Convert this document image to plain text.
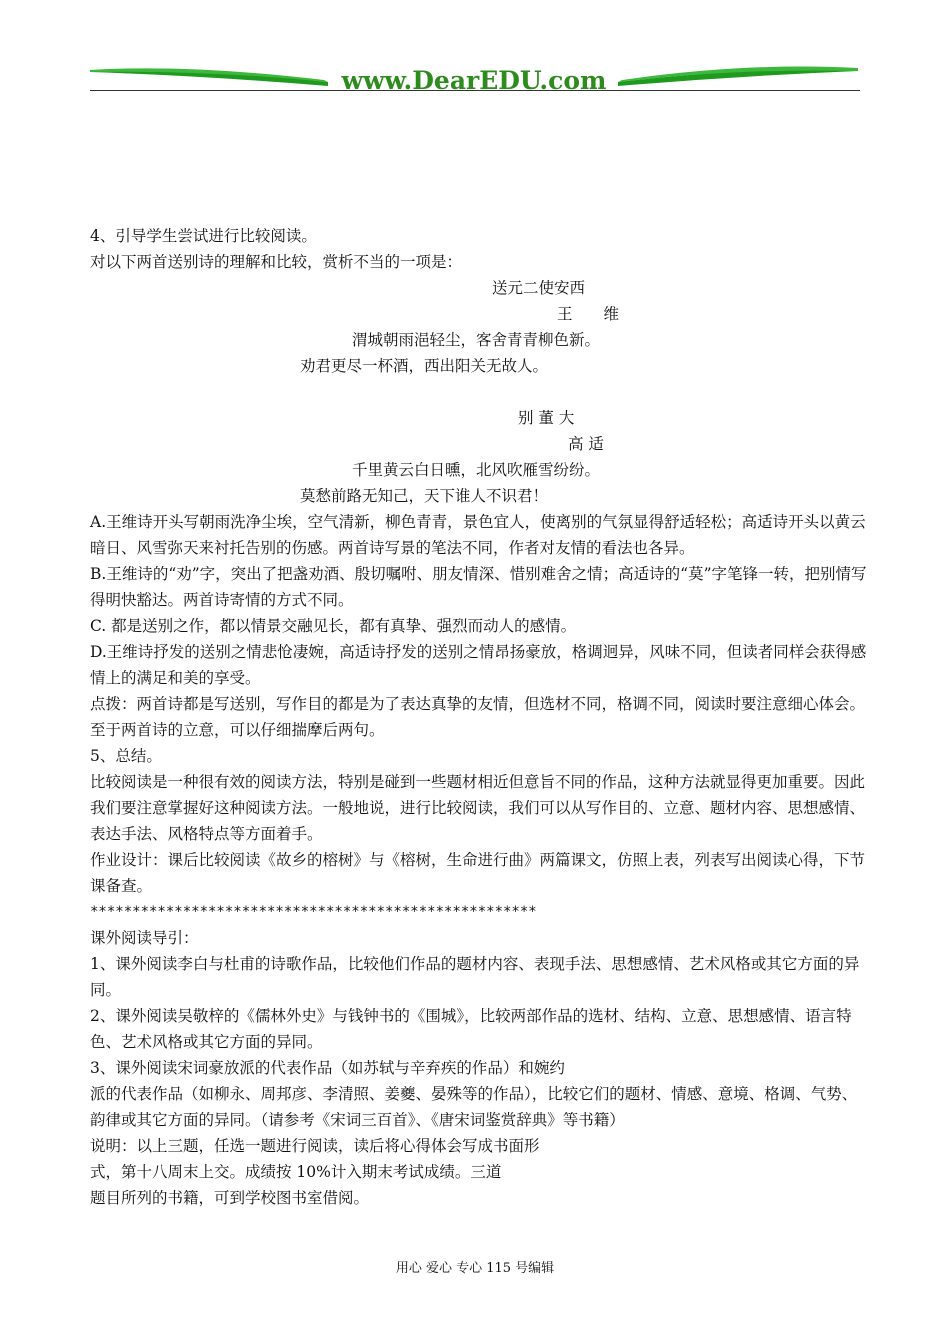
www.DearEDU.com
4、引导学生尝试进行比较阅读。
对以下两首送别诗的理解和比较，赏析不当的一项是：
送元二使安西
王　　维
渭城朝雨浥轻尘，客舍青青柳色新。
劝君更尽一杯酒，西出阳关无故人。
别 董 大
高 适
千里黄云白日曛，北风吹雁雪纷纷。
莫愁前路无知己，天下谁人不识君！
A.王维诗开头写朝雨洗净尘埃，空气清新，柳色青青，景色宜人，使离别的气氛显得舒适轻松；高适诗开头以黄云暗日、风雪弥天来衬托告别的伤感。两首诗写景的笔法不同，作者对友情的看法也各异。
B.王维诗的“劝”字，突出了把盏劝酒、殷切嘱咐、朋友情深、惜别难舍之情；高适诗的“莫”字笔锋一转，把别情写得明快豁达。两首诗寄情的方式不同。
C. 都是送别之作，都以情景交融见长，都有真挚、强烈而动人的感情。
D.王维诗抒发的送别之情悲怆凄婉，高适诗抒发的送别之情昂扬豪放，格调迥异，风味不同，但读者同样会获得感情上的满足和美的享受。
点拨：两首诗都是写送别，写作目的都是为了表达真挚的友情，但选材不同，格调不同，阅读时要注意细心体会。至于两首诗的立意，可以仔细揣摩后两句。
5、总结。
比较阅读是一种很有效的阅读方法，特别是碰到一些题材相近但意旨不同的作品，这种方法就显得更加重要。因此我们要注意掌握好这种阅读方法。一般地说，进行比较阅读，我们可以从写作目的、立意、题材内容、思想感情、表达手法、风格特点等方面着手。
作业设计：课后比较阅读《故乡的榕树》与《榕树，生命进行曲》两篇课文，仿照上表，列表写出阅读心得，下节课备查。
*****************************************************
课外阅读导引：
1、课外阅读李白与杜甫的诗歌作品，比较他们作品的题材内容、表现手法、思想感情、艺术风格或其它方面的异同。
2、课外阅读吴敬梓的《儒林外史》与钱钟书的《围城》，比较两部作品的选材、结构、立意、思想感情、语言特色、艺术风格或其它方面的异同。
3、课外阅读宋词豪放派的代表作品（如苏轼与辛弃疾的作品）和婉约
派的代表作品（如柳永、周邦彦、李清照、姜夔、晏殊等的作品），比较它们的题材、情感、意境、格调、气势、韵律或其它方面的异同。（请参考《宋词三百首》、《唐宋词鉴赏辞典》等书籍）
说明：以上三题，任选一题进行阅读，读后将心得体会写成书面形
式，第十八周末上交。成绩按 10%计入期末考试成绩。三道
题目所列的书籍，可到学校图书室借阅。
用心 爱心 专心 115 号编辑
